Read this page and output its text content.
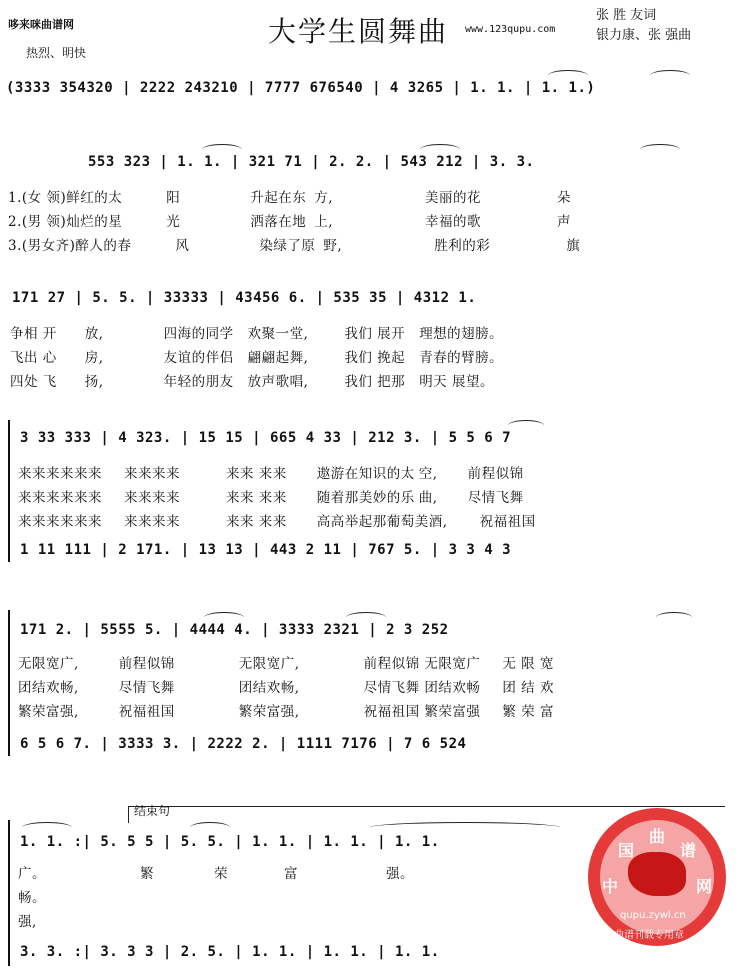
哆来咪曲谱网
热烈、明快
大学生圆舞曲 www.123qupu.com
张 胜 友词
银力康、张 强曲
(3333 354320 | 2222 243210 | 7777 676540 | 4 3265 | 1. 1. | 1. 1.)
553 323 | 1. 1. | 321 71 | 2. 2. | 543 212 | 3. 3.
1.(女 领)鲜红的太	阳	升起在东 方,	美丽的花	朵
2.(男 领)灿烂的星	光	洒落在地 上,	幸福的歌	声
3.(男女齐)醉人的春	风	染绿了原 野,	胜利的彩	旗
171 27 | 5. 5. | 33333 | 43456 6. | 535 35 | 4312 1.
争相 开 放,	四海的同学 欢聚一堂,	我们 展开 理想的翅膀。
飞出 心 房,	友谊的伴侣 翩翩起舞,	我们 挽起 青春的臂膀。
四处 飞 扬,	年轻的朋友 放声歌唱,	我们 把那 明天 展望。
3 33 333 | 4 323. | 15 15 | 665 4 33 | 212 3. | 5 5 6 7
来来来来来来 来来来来	来来 来来 遨游在知识的太 空, 前程似锦
来来来来来来 来来来来	来来 来来 随着那美妙的乐 曲, 尽情飞舞
来来来来来来 来来来来	来来 来来 高高举起那葡萄美酒, 祝福祖国
1 11 111 | 2 171. | 13 13 | 443 2 11 | 767 5. | 3 3 4 3
171 2. | 5555 5. | 4444 4. | 3333 2321 | 2 3 252
无限宽广,	前程似锦	无限宽广,	前程似锦 无限宽广 无 限 宽
团结欢畅,	尽情飞舞	团结欢畅,	尽情飞舞 团结欢畅 团 结 欢
繁荣富强,	祝福祖国	繁荣富强,	祝福祖国 繁荣富强 繁 荣 富
6 5 6 7. | 3333 3. | 2222 2. | 1111 7176 | 7 6 524
结束句
1. 1. :| 5. 5 5 | 5. 5. | 1. 1. | 1. 1. | 1. 1.
广。	繁	荣	富	强。
畅。
强,
3. 3. :| 3. 3 3 | 2. 5. | 1. 1. | 1. 1. | 1. 1.
中
国
曲
谱
网
qupu.zywl.cn
曲谱刊载专用章
